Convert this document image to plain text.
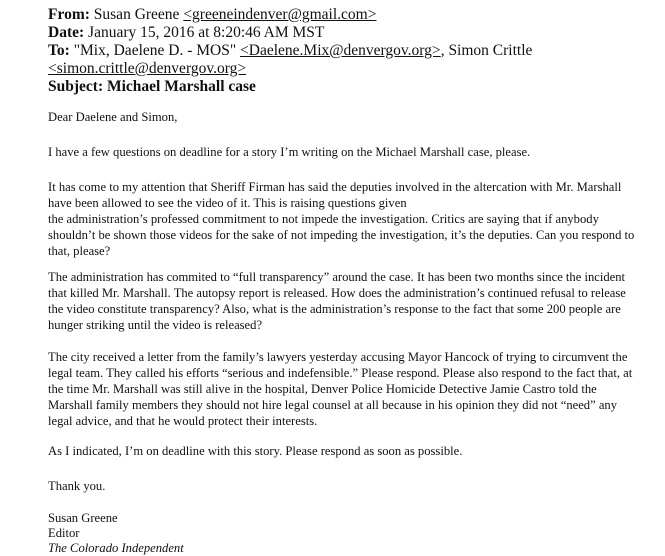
From: Susan Greene <greeneindenver@gmail.com>
Date: January 15, 2016 at 8:20:46 AM MST
To: "Mix, Daelene D. - MOS" <Daelene.Mix@denvergov.org>, Simon Crittle
<simon.crittle@denvergov.org>
Subject: Michael Marshall case

Dear Daelene and Simon,

I have a few questions on deadline for a story I’m writing on the Michael Marshall case, please.

It has come to my attention that Sheriff Firman has said the deputies involved in the altercation with Mr. Marshall
have been allowed to see the video of it. This is raising questions given
the administration’s professed commitment to not impede the investigation. Critics are saying that if anybody
shouldn’t be shown those videos for the sake of not impeding the investigation, it’s the deputies. Can you respond to
that, please?

The administration has commited to “full transparency” around the case. It has been two months since the incident
that killed Mr. Marshall. The autopsy report is released. How does the administration’s continued refusal to release
the video constitute transparency? Also, what is the administration’s response to the fact that some 200 people are
hunger striking until the video is released?

The city received a letter from the family’s lawyers yesterday accusing Mayor Hancock of trying to circumvent the
legal team. They called his efforts “serious and indefensible.” Please respond. Please also respond to the fact that, at
the time Mr. Marshall was still alive in the hospital, Denver Police Homicide Detective Jamie Castro told the
Marshall family members they should not hire legal counsel at all because in his opinion they did not “need” any
legal advice, and that he would protect their interests.

As I indicated, I’m on deadline with this story. Please respond as soon as possible.

Thank you.

Susan Greene
Editor
The Colorado Independent
